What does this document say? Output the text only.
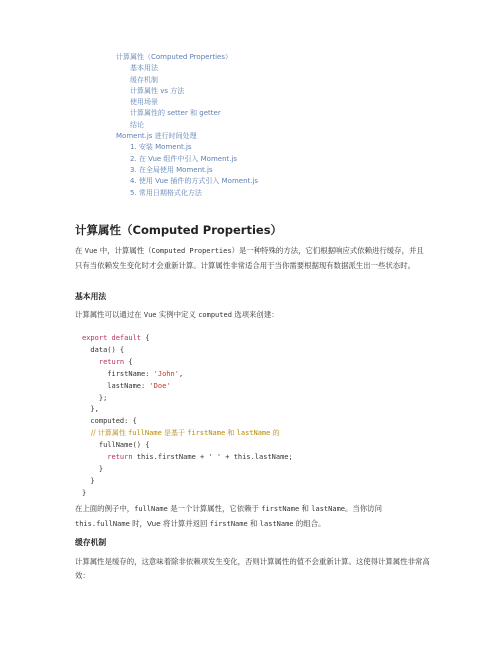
计算属性（Computed Properties）
基本用法
缓存机制
计算属性 vs 方法
使用场景
计算属性的 setter 和 getter
结论
Moment.js 进行时间处理
1. 安装 Moment.js
2. 在 Vue 组件中引入 Moment.js
3. 在全局使用 Moment.js
4. 使用 Vue 插件的方式引入 Moment.js
5. 常用日期格式化方法
计算属性（Computed Properties）
在 Vue 中，计算属性（Computed Properties）是一种特殊的方法，它们根据响应式依赖进行缓存，并且只有当依赖发生变化时才会重新计算。计算属性非常适合用于当你需要根据现有数据派生出一些状态时。
基本用法
计算属性可以通过在 Vue 实例中定义 computed 选项来创建：
export default {
data() {
return {
firstName: 'John',
lastName: 'Doe'
};
},
computed: {
// 计算属性 fullName 是基于 firstName 和 lastName 的
fullName() {
return this.firstName + ' ' + this.lastName;
}
}
}
在上面的例子中，fullName 是一个计算属性，它依赖于 firstName 和 lastName。当你访问 this.fullName 时，Vue 将计算并返回 firstName 和 lastName 的组合。
缓存机制
计算属性是缓存的，这意味着除非依赖项发生变化，否则计算属性的值不会重新计算。这使得计算属性非常高效：
